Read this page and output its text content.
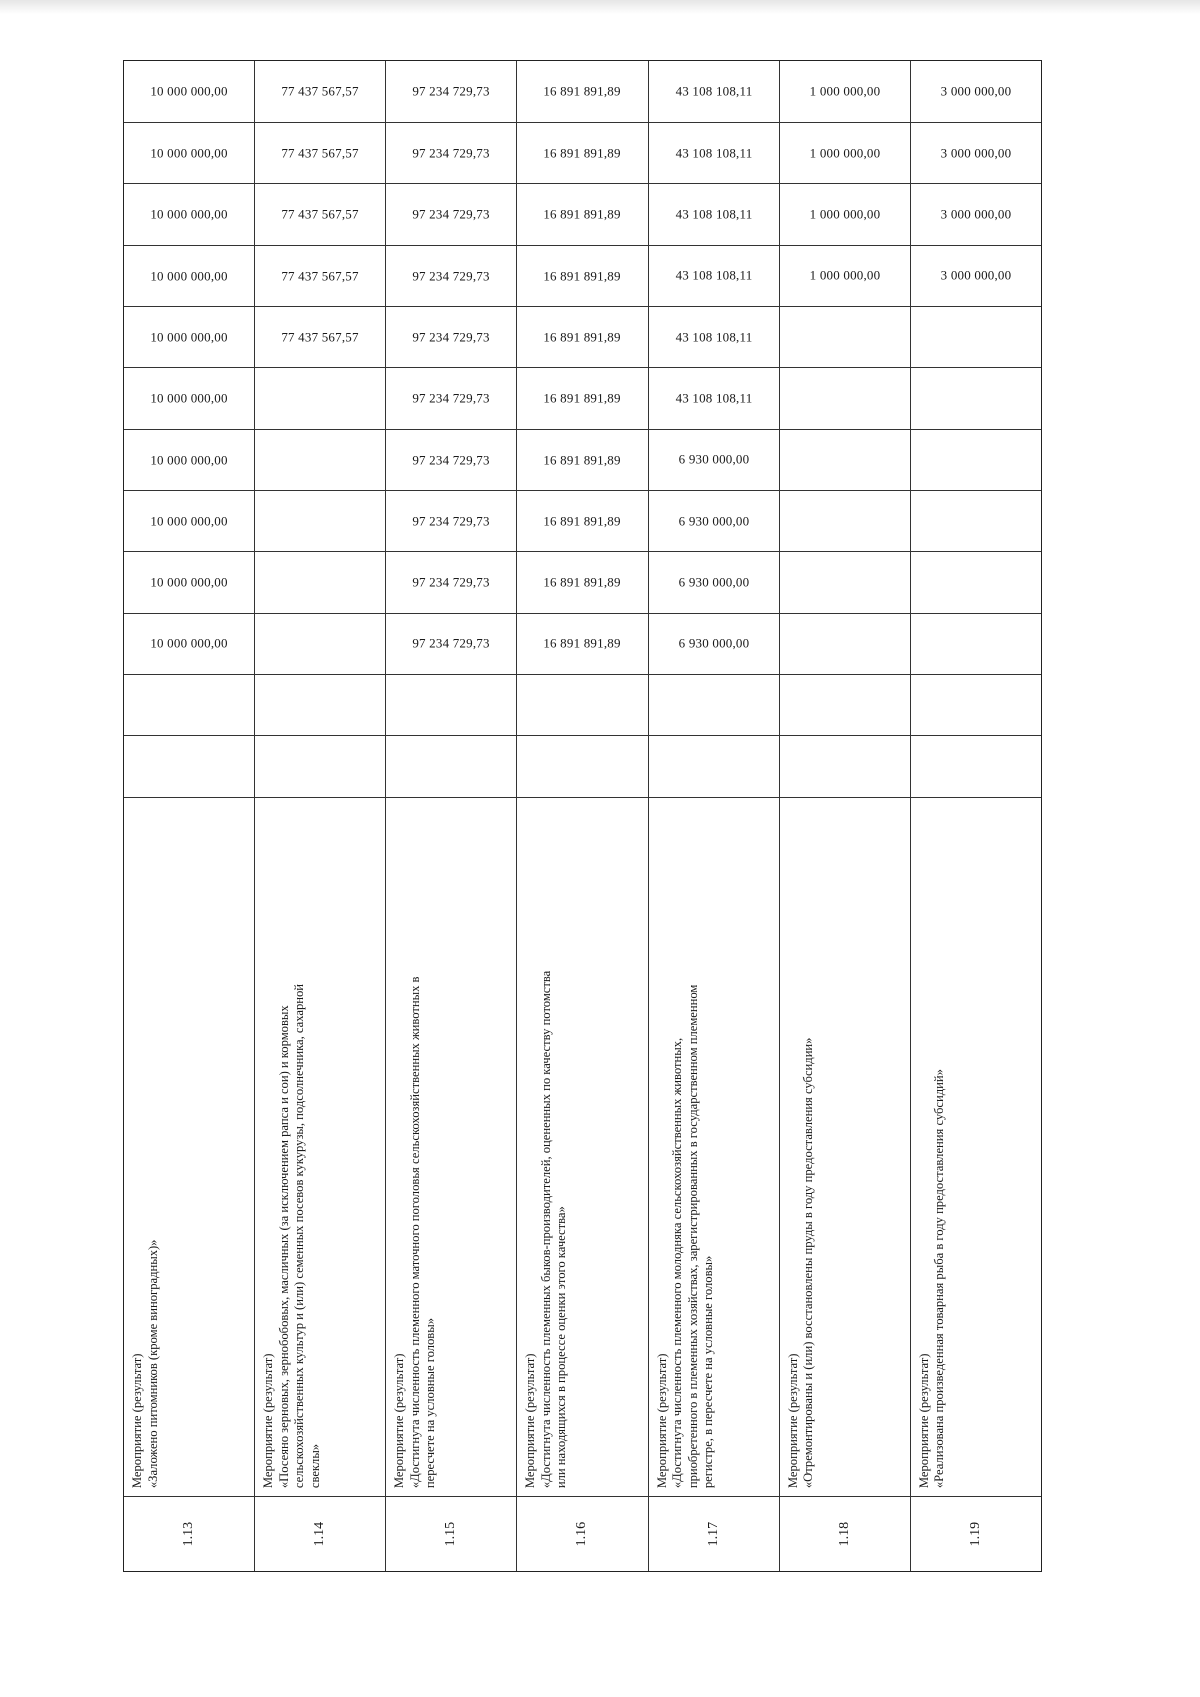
1.13
Мероприятие (результат) «Заложено питомников (кроме виноградных)»
10 000 000,00
10 000 000,00
10 000 000,00
10 000 000,00
10 000 000,00
10 000 000,00
10 000 000,00
10 000 000,00
10 000 000,00
10 000 000,00
1.14
Мероприятие (результат) «Посеяно зерновых, зернобобовых, масличных (за исключением рапса и сои) и кормовых сельскохозяйственных культур и (или) семенных посевов кукурузы, подсолнечника, сахарной свеклы»
77 437 567,57
77 437 567,57
77 437 567,57
77 437 567,57
77 437 567,57
1.15
Мероприятие (результат) «Достигнута численность племенного маточного поголовья сельскохозяйственных животных в пересчете на условные головы»
97 234 729,73
97 234 729,73
97 234 729,73
97 234 729,73
97 234 729,73
97 234 729,73
97 234 729,73
97 234 729,73
97 234 729,73
97 234 729,73
1.16
Мероприятие (результат) «Достигнута численность племенных быков-производителей, оцененных по качеству потомства или находящихся в процессе оценки этого качества»
16 891 891,89
16 891 891,89
16 891 891,89
16 891 891,89
16 891 891,89
16 891 891,89
16 891 891,89
16 891 891,89
16 891 891,89
16 891 891,89
1.17
Мероприятие (результат) «Достигнута численность племенного молодняка сельскохозяйственных животных, приобретенного в племенных хозяйствах, зарегистрированных в государственном племенном регистре, в пересчете на условные головы»
6 930 000,00
6 930 000,00
6 930 000,00
6 930 000,00
43 108 108,11
43 108 108,11
43 108 108,11
43 108 108,11
43 108 108,11
43 108 108,11
1.18
Мероприятие (результат) «Отремонтированы и (или) восстановлены пруды в году предоставления субсидии»
1 000 000,00
1 000 000,00
1 000 000,00
1 000 000,00
1.19
Мероприятие (результат) «Реализована произведенная товарная рыба в году предоставления субсидий»
3 000 000,00
3 000 000,00
3 000 000,00
3 000 000,00
